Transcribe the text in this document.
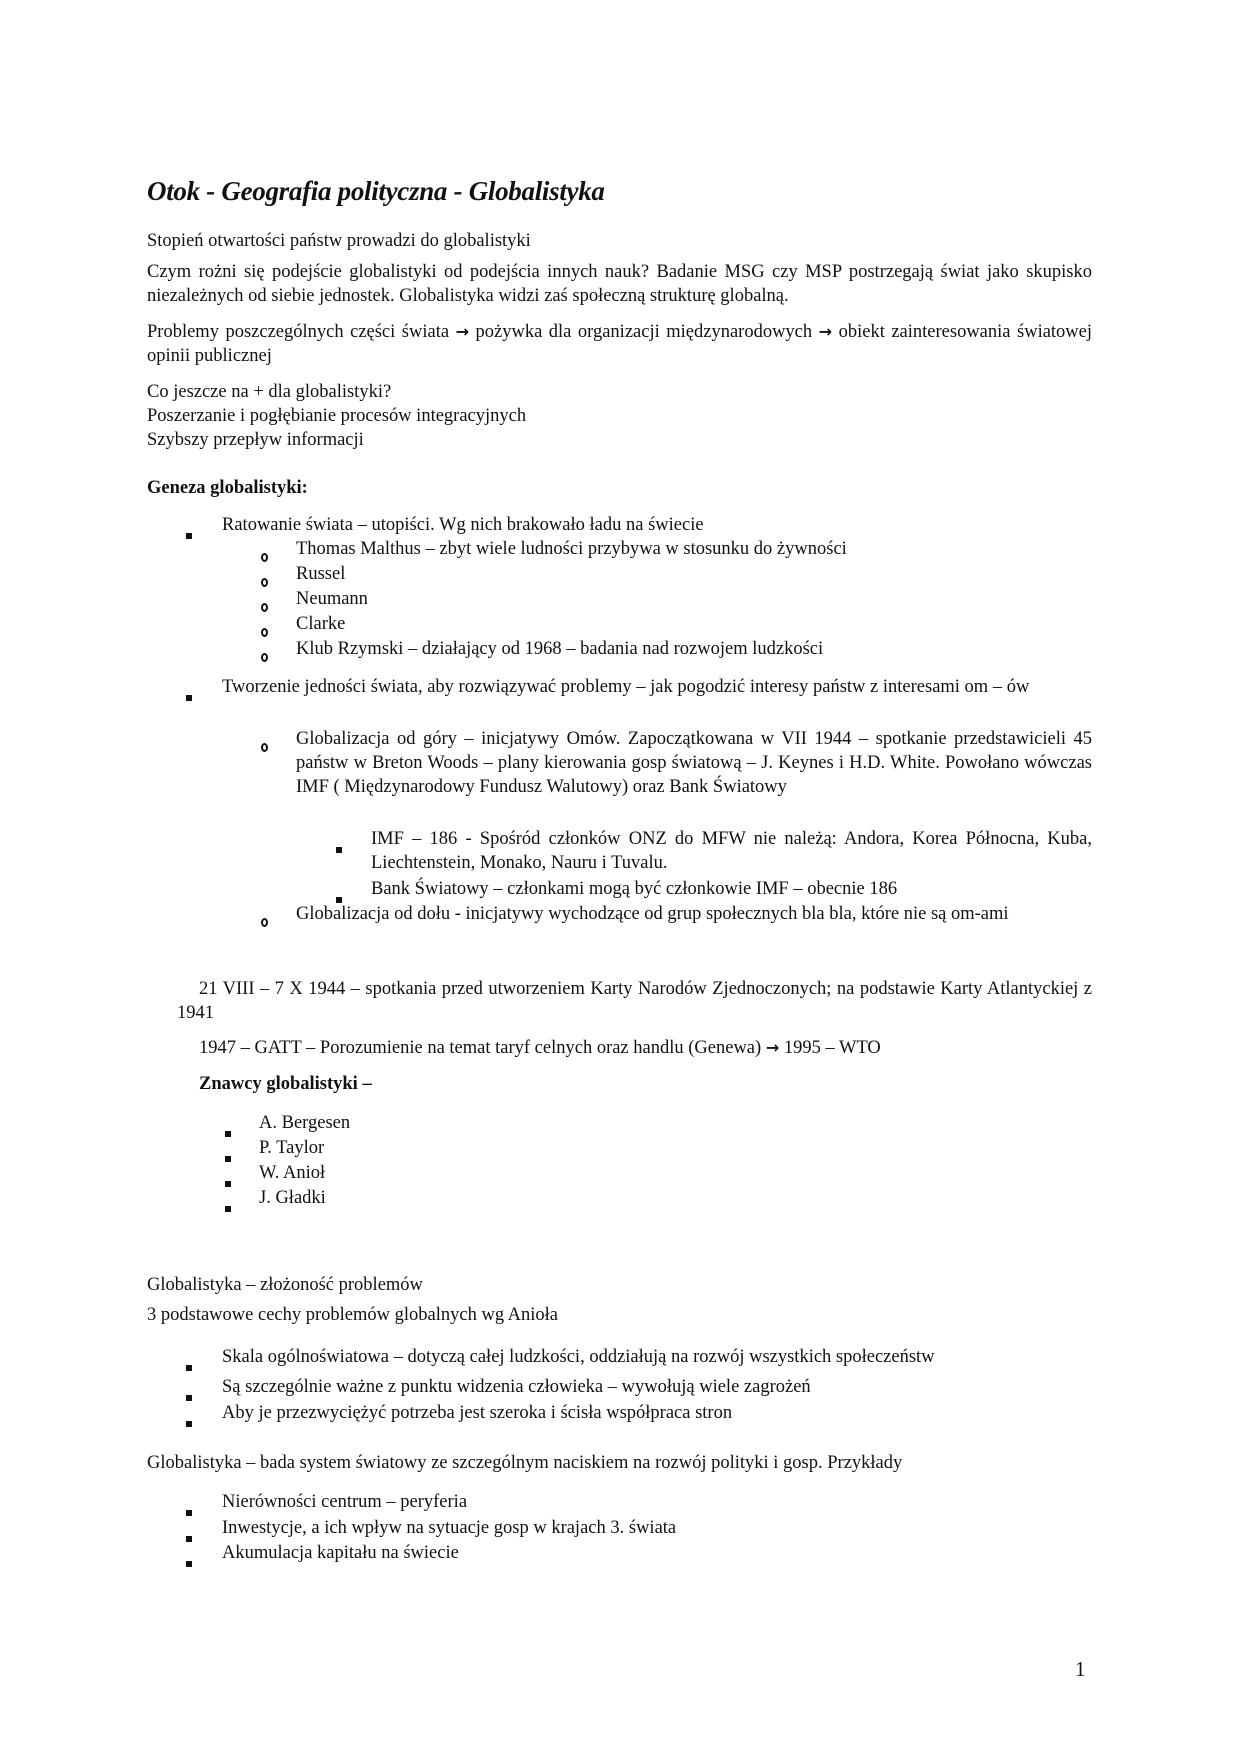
Otok - Geografia polityczna - Globalistyka
Stopień otwartości państw prowadzi do globalistyki
Czym rożni się podejście globalistyki od podejścia innych nauk? Badanie MSG czy MSP postrzegają świat jako skupisko niezależnych od siebie jednostek. Globalistyka widzi zaś społeczną strukturę globalną.
Problemy poszczególnych części świata → pożywka dla organizacji międzynarodowych → obiekt zainteresowania światowej opinii publicznej
Co jeszcze na + dla globalistyki?
Poszerzanie i pogłębianie procesów integracyjnych
Szybszy przepływ informacji
Geneza globalistyki:
Ratowanie świata – utopiści. Wg nich brakowało ładu na świecie
Thomas Malthus – zbyt wiele ludności przybywa w stosunku do żywności
Russel
Neumann
Clarke
Klub Rzymski – działający od 1968 – badania nad rozwojem ludzkości
Tworzenie jedności świata, aby rozwiązywać problemy – jak pogodzić interesy państw z interesami om – ów
Globalizacja od góry – inicjatywy Omów. Zapoczątkowana w VII 1944 – spotkanie przedstawicieli 45 państw w Breton Woods – plany kierowania gosp światową – J. Keynes i H.D. White. Powołano wówczas IMF ( Międzynarodowy Fundusz Walutowy) oraz Bank Światowy
IMF – 186 - Spośród członków ONZ do MFW nie należą: Andora, Korea Północna, Kuba, Liechtenstein, Monako, Nauru i Tuvalu.
Bank Światowy – członkami mogą być członkowie IMF – obecnie 186
Globalizacja od dołu - inicjatywy wychodzące od grup społecznych bla bla, które nie są om-ami
21 VIII – 7 X 1944 – spotkania przed utworzeniem Karty Narodów Zjednoczonych; na podstawie Karty Atlantyckiej z 1941
1947 – GATT – Porozumienie na temat taryf celnych oraz handlu (Genewa) → 1995 – WTO
Znawcy globalistyki –
A. Bergesen
P. Taylor
W. Anioł
J. Gładki
Globalistyka – złożoność problemów
3 podstawowe cechy problemów globalnych wg Anioła
Skala ogólnoświatowa – dotyczą całej ludzkości, oddziałują na rozwój wszystkich społeczeństw
Są szczególnie ważne z punktu widzenia człowieka – wywołują wiele zagrożeń
Aby je przezwyciężyć potrzeba jest szeroka i ścisła współpraca stron
Globalistyka – bada system światowy ze szczególnym naciskiem na rozwój polityki i gosp. Przykłady
Nierówności centrum – peryferia
Inwestycje, a ich wpływ na sytuacje gosp w krajach 3. świata
Akumulacja kapitału na świecie
1
